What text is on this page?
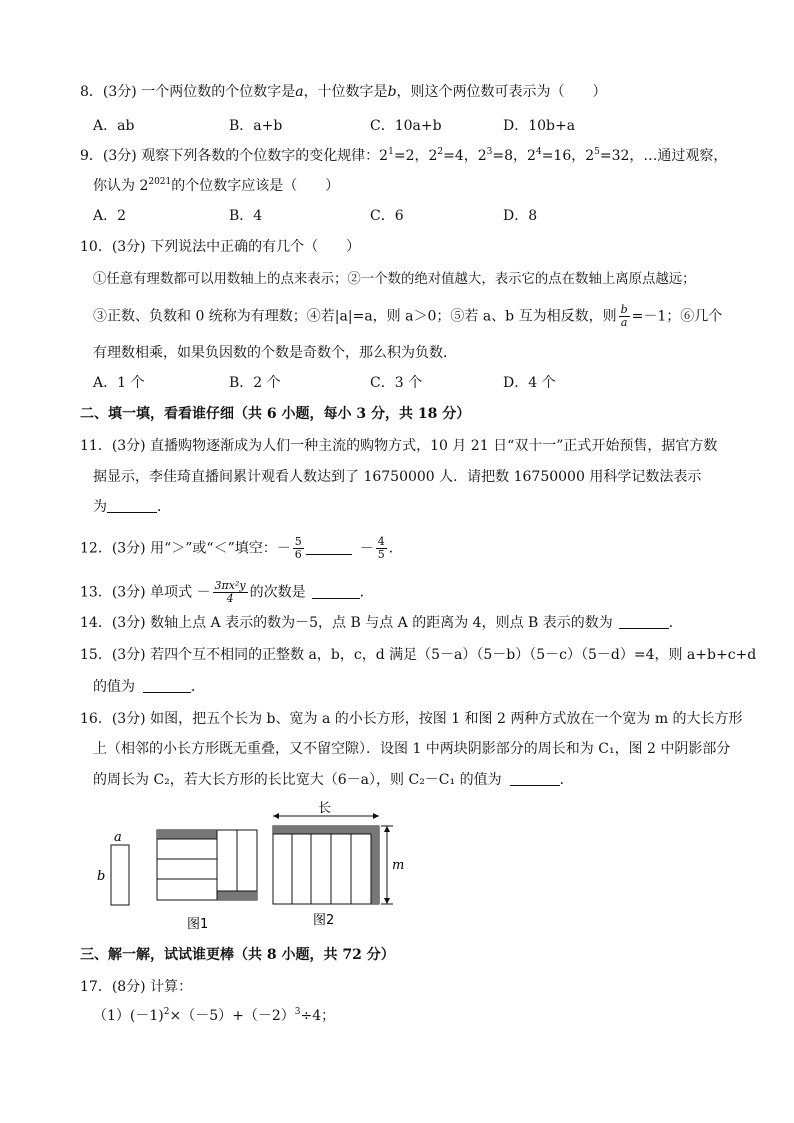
8．(3分) 一个两位数的个位数字是a，十位数字是b，则这个两位数可表示为（　　）
A．ab	B．a+b	C．10a+b	D．10b+a
9．(3分) 观察下列各数的个位数字的变化规律：$2^1=2$，$2^2=4$，$2^3=8$，$2^4=16$，$2^5=32$，…通过观察，
你认为 $2^{2021}$的个位数字应该是（　　）
A．2	B．4	C．6	D．8
10．(3分) 下列说法中正确的有几个（　　）
①任意有理数都可以用数轴上的点来表示；②一个数的绝对值越大，表示它的点在数轴上离原点越远；
③正数、负数和 0 统称为有理数；④若|a|=a，则 a＞0；⑤若 a、b 互为相反数，则 $\frac{b}{a} =-1$；⑥几个
有理数相乘，如果负因数的个数是奇数个，那么积为负数．
A．1 个	B．2 个	C．3 个	D．4 个
二、填一填，看看谁仔细（共 6 小题，每小 3 分，共 18 分）
11．(3分) 直播购物逐渐成为人们一种主流的购物方式，10 月 21 日“双十一”正式开始预售，据官方数
据显示，李佳琦直播间累计观看人数达到了 16750000 人．请把数 16750000 用科学记数法表示
为	．
12．(3分) 用“＞”或“＜”填空：－ $\frac{5}{6}$	－ $\frac{4}{5}$ ．
13．(3分) 单项式 － $\frac{\text{3πx²y}}{4}$ 的次数是	．
14．(3分) 数轴上点 A 表示的数为－5，点 B 与点 A 的距离为 4，则点 B 表示的数为	．
15．(3分) 若四个互不相同的正整数 a，b，c，d 满足（5－a）（5－b）（5－c）（5－d）=4，则 a+b+c+d
的值为	．
16．(3分) 如图，把五个长为 b、宽为 a 的小长方形，按图 1 和图 2 两种方式放在一个宽为 m 的大长方形
上（相邻的小长方形既无重叠，又不留空隙）．设图 1 中两块阴影部分的周长和为 C₁，图 2 中阴影部分
的周长为 C₂，若大长方形的长比宽大（6－a），则 C₂－C₁ 的值为	．
a
b
长
m
图1	图2
三、解一解，试试谁更棒（共 8 小题，共 72 分）
17．(8分) 计算：
$(1)(-1)^2\times(-5)+(-2)^3\div 4$；
